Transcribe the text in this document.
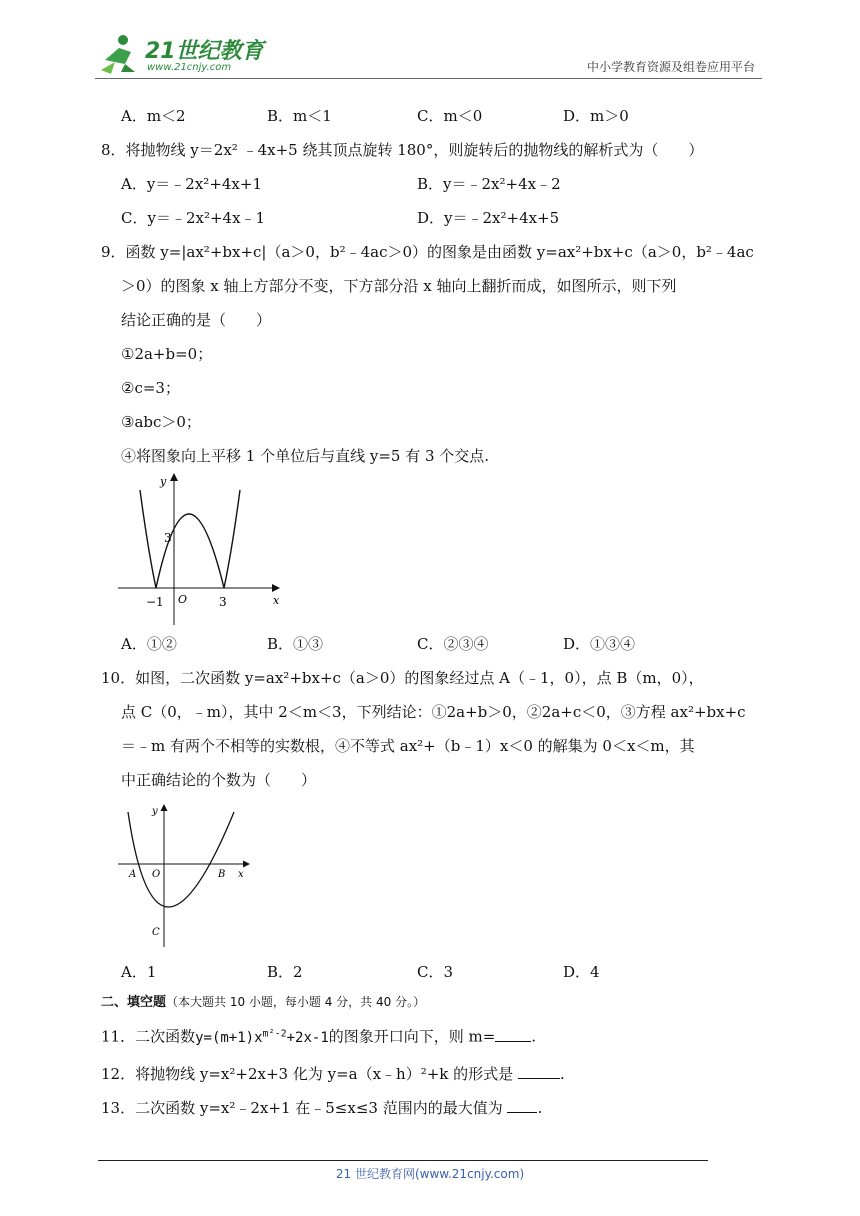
21世纪教育
www.21cnjy.com	中小学教育资源及组卷应用平台
A．m＜2	B．m＜1	C．m＜0	D．m＞0
8．将抛物线 y＝2x² ﹣4x+5 绕其顶点旋转 180°，则旋转后的抛物线的解析式为（　　）
A．y＝﹣2x²+4x+1	B．y＝﹣2x²+4x﹣2
C．y＝﹣2x²+4x﹣1	D．y＝﹣2x²+4x+5
9．函数 y=|ax²+bx+c|（a＞0，b²﹣4ac＞0）的图象是由函数 y=ax²+bx+c（a＞0，b²﹣4ac
＞0）的图象 x 轴上方部分不变，下方部分沿 x 轴向上翻折而成，如图所示，则下列
结论正确的是（　　）
①2a+b=0；
②c=3；
③abc＞0；
④将图象向上平移 1 个单位后与直线 y=5 有 3 个交点.
y
x
O
−1	3
3
A．①②	B．①③	C．②③④	D．①③④
10．如图，二次函数 y=ax²+bx+c（a＞0）的图象经过点 A（﹣1，0），点 B（m，0），
点 C（0，﹣m），其中 2＜m＜3，下列结论：①2a+b＞0，②2a+c＜0，③方程 ax²+bx+c
＝﹣m 有两个不相等的实数根，④不等式 ax²+（b﹣1）x＜0 的解集为 0＜x＜m，其
中正确结论的个数为（　　）
y
x
O
A	B
C
A．1	B．2	C．3	D．4
二、填空题（本大题共 10 小题，每小题 4 分，共 40 分。）
11．二次函数$y=(m+1)x^{m^2-2}+2x-1$的图象开口向下，则 m= .
12．将抛物线 y=x²+2x+3 化为 y=a（x﹣h）²+k 的形式是	.
13．二次函数 y=x²﹣2x+1 在﹣5≤x≤3 范围内的最大值为 .
21 世纪教育网(www.21cnjy.com)
